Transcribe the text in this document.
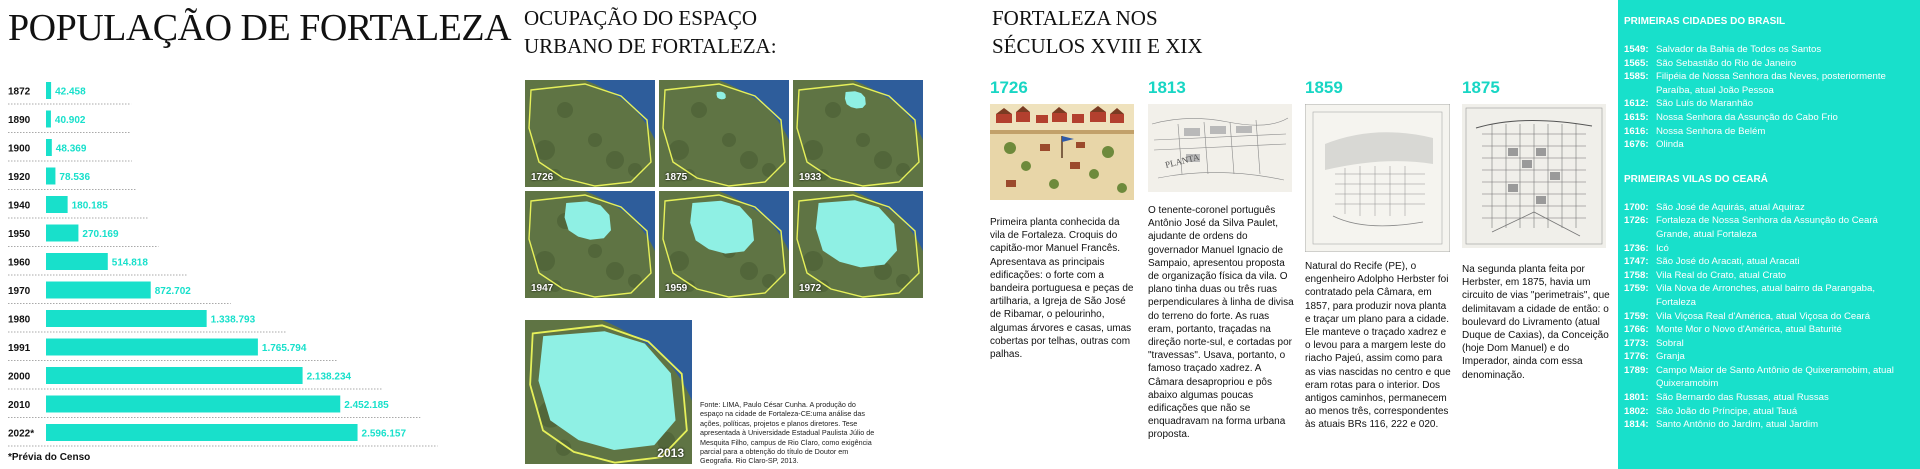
POPULAÇÃO DE FORTALEZA
1872 42.458
1890 40.902
1900	48.369
1920	78.536
1940	180.185
1950	270.169
1960	514.818
1970	872.702
1980	1.338.793
1991	1.765.794
2000	2.138.234
2010	2.452.185
2022*	2.596.157
*Prévia do Censo
OCUPAÇÃO DO ESPAÇO
URBANO DE FORTALEZA:
1726	1875	1933
1947	1959	1972
2013
Fonte: LIMA, Paulo César Cunha. A produção do espaço na cidade de Fortaleza-CE:uma análise das ações, políticas, projetos e planos diretores. Tese apresentada à Universidade Estadual Paulista Júlio de Mesquita Filho, campus de Rio Claro, como exigência parcial para a obtenção do título de Doutor em Geografia. Rio Claro-SP, 2013.
FORTALEZA NOS
SÉCULOS XVIII E XIX
1726	1813	1859	1875
PLANTA
Primeira planta conhecida da vila de Fortaleza. Croquis do capitão-mor Manuel Francês. Apresentava as principais edificações: o forte com a bandeira portuguesa e peças de artilharia, a Igreja de São José de Ribamar, o pelourinho, algumas árvores e casas, umas cobertas por telhas, outras com palhas.
O tenente-coronel português Antônio José da Silva Paulet, ajudante de ordens do governador Manuel Ignacio de Sampaio, apresentou proposta de organização física da vila. O plano tinha duas ou três ruas perpendiculares à linha de divisa do terreno do forte. As ruas eram, portanto, traçadas na direção norte-sul, e cortadas por "travessas". Usava, portanto, o famoso traçado xadrez. A Câmara desapropriou e pôs abaixo algumas poucas edificações que não se enquadravam na forma urbana proposta.
Natural do Recife (PE), o engenheiro Adolpho Herbster foi contratado pela Câmara, em 1857, para produzir nova planta e traçar um plano para a cidade. Ele manteve o traçado xadrez e o levou para a margem leste do riacho Pajeú, assim como para as vias nascidas no centro e que eram rotas para o interior. Dos antigos caminhos, permanecem ao menos três, correspondentes às atuais BRs 116, 222 e 020.
Na segunda planta feita por Herbster, em 1875, havia um circuito de vias "perimetrais", que delimitavam a cidade de então: o boulevard do Livramento (atual Duque de Caxias), da Conceição (hoje Dom Manuel) e do Imperador, ainda com essa denominação.
PRIMEIRAS CIDADES DO BRASIL
1549: Salvador da Bahia de Todos os Santos
1565: São Sebastião do Rio de Janeiro
1585: Filipéia de Nossa Senhora das Neves, posteriormente Paraíba, atual João Pessoa
1612: São Luís do Maranhão
1615: Nossa Senhora da Assunção do Cabo Frio
1616: Nossa Senhora de Belém
1676: Olinda
PRIMEIRAS VILAS DO CEARÁ
1700: São José de Aquirás, atual Aquiraz
1726: Fortaleza de Nossa Senhora da Assunção do Ceará Grande, atual Fortaleza
1736: Icó
1747: São José do Aracati, atual Aracati
1758: Vila Real do Crato, atual Crato
1759: Vila Nova de Arronches, atual bairro da Parangaba, Fortaleza
1759: Vila Viçosa Real d'América, atual Viçosa do Ceará
1766: Monte Mor o Novo d'América, atual Baturité
1773: Sobral
1776: Granja
1789: Campo Maior de Santo Antônio de Quixeramobim, atual Quixeramobim
1801: São Bernardo das Russas, atual Russas
1802: São João do Príncipe, atual Tauá
1814: Santo Antônio do Jardim, atual Jardim
